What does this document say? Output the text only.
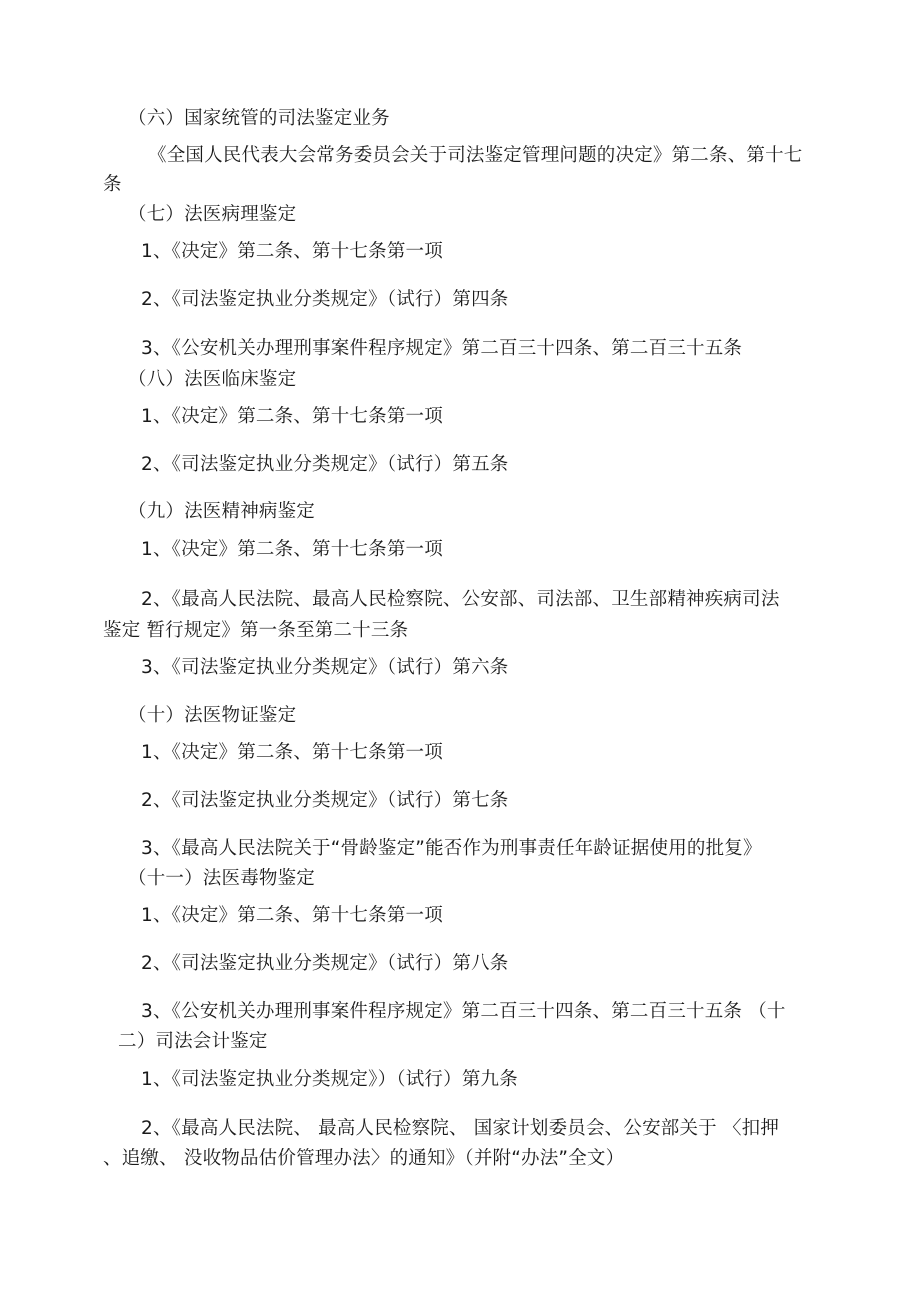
（六）国家统管的司法鉴定业务
《全国人民代表大会常务委员会关于司法鉴定管理问题的决定》第二条、第十七
条
（七）法医病理鉴定
1、《决定》第二条、第十七条第一项
2、《司法鉴定执业分类规定》（试行）第四条
3、《公安机关办理刑事案件程序规定》第二百三十四条、第二百三十五条
（八）法医临床鉴定
1、《决定》第二条、第十七条第一项
2、《司法鉴定执业分类规定》（试行）第五条
（九）法医精神病鉴定
1、《决定》第二条、第十七条第一项
2、《最高人民法院、最高人民检察院、公安部、司法部、卫生部精神疾病司法
鉴定 暂行规定》第一条至第二十三条
3、《司法鉴定执业分类规定》（试行）第六条
（十）法医物证鉴定
1、《决定》第二条、第十七条第一项
2、《司法鉴定执业分类规定》（试行）第七条
3、《最高人民法院关于“骨龄鉴定”能否作为刑事责任年龄证据使用的批复》
（十一）法医毒物鉴定
1、《决定》第二条、第十七条第一项
2、《司法鉴定执业分类规定》（试行）第八条
3、《公安机关办理刑事案件程序规定》第二百三十四条、第二百三十五条 （十
二）司法会计鉴定
1、《司法鉴定执业分类规定》）（试行）第九条
2、《最高人民法院、 最高人民检察院、 国家计划委员会、公安部关于 〈扣押
、追缴、 没收物品估价管理办法〉的通知》（并附“办法”全文）
